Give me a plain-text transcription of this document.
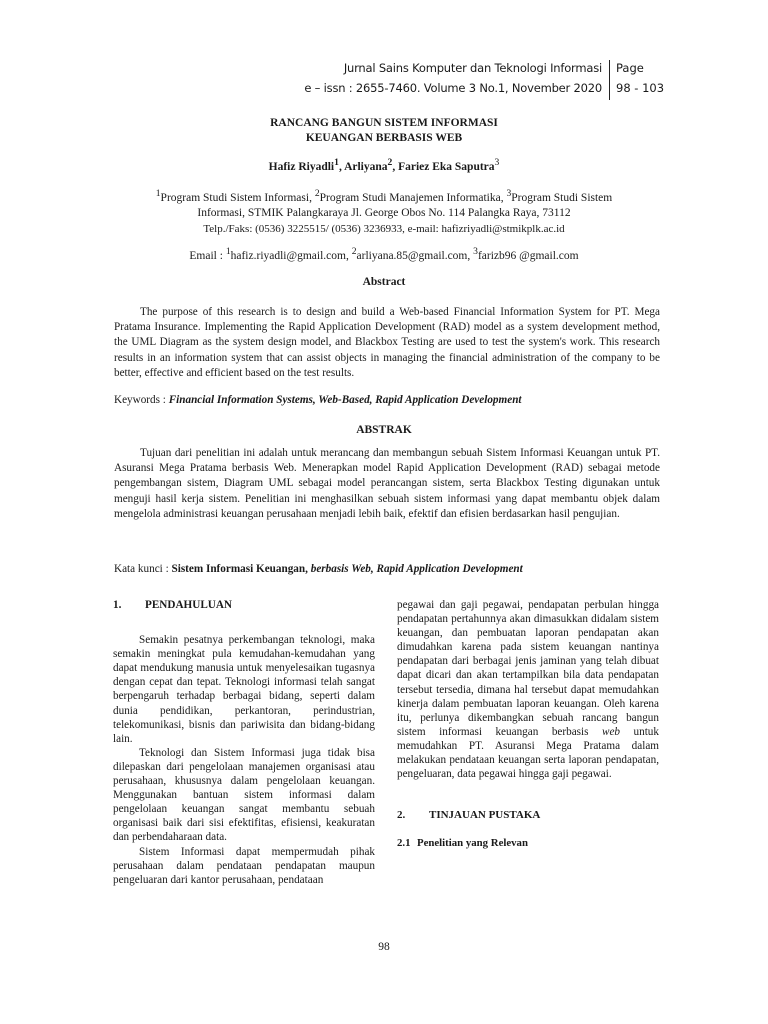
Jurnal Sains Komputer dan Teknologi Informasi
e – issn : 2655-7460. Volume 3 No.1, November 2020
Page
98 - 103
RANCANG BANGUN SISTEM INFORMASI
KEUANGAN BERBASIS WEB
Hafiz Riyadli$^1$, Arliyana$^2$, Fariez Eka Saputra$^3$
$^1$Program Studi Sistem Informasi, $^2$Program Studi Manajemen Informatika, $^3$Program Studi Sistem
Informasi, STMIK Palangkaraya Jl. George Obos No. 114 Palangka Raya, 73112
Telp./Faks: (0536) 3225515/ (0536) 3236933, e-mail: hafizriyadli@stmikplk.ac.id
Email : $^1$hafiz.riyadli@gmail.com, $^2$arliyana.85@gmail.com, $^3$farizb96 @gmail.com
Abstract
The purpose of this research is to design and build a Web-based Financial Information System for PT. Mega Pratama Insurance. Implementing the Rapid Application Development (RAD) model as a system development method, the UML Diagram as the system design model, and Blackbox Testing are used to test the system's work. This research results in an information system that can assist objects in managing the financial administration of the company to be better, effective and efficient based on the test results.
Keywords : Financial Information Systems, Web-Based, Rapid Application Development
ABSTRAK
Tujuan dari penelitian ini adalah untuk merancang dan membangun sebuah Sistem Informasi Keuangan untuk PT. Asuransi Mega Pratama berbasis Web. Menerapkan model Rapid Application Development (RAD) sebagai metode pengembangan sistem, Diagram UML sebagai model perancangan sistem, serta Blackbox Testing digunakan untuk menguji hasil kerja sistem. Penelitian ini menghasilkan sebuah sistem informasi yang dapat membantu objek dalam mengelola administrasi keuangan perusahaan menjadi lebih baik, efektif dan efisien berdasarkan hasil pengujian.
Kata kunci : Sistem Informasi Keuangan, berbasis Web, Rapid Application Development
1. PENDAHULUAN

Semakin pesatnya perkembangan teknologi, maka semakin meningkat pula kemudahan-kemudahan yang dapat mendukung manusia untuk menyelesaikan tugasnya dengan cepat dan tepat. Teknologi informasi telah sangat berpengaruh terhadap berbagai bidang, seperti dalam dunia pendidikan, perkantoran, perindustrian, telekomunikasi, bisnis dan pariwisita dan bidang-bidang lain.

Teknologi dan Sistem Informasi juga tidak bisa dilepaskan dari pengelolaan manajemen organisasi atau perusahaan, khususnya dalam pengelolaan keuangan. Menggunakan bantuan sistem informasi dalam pengelolaan keuangan sangat membantu sebuah organisasi baik dari sisi efektifitas, efisiensi, keakuratan dan perbendaharaan data.

Sistem Informasi dapat mempermudah pihak perusahaan dalam pendataan pendapatan maupun pengeluaran dari kantor perusahaan, pendataan

pegawai dan gaji pegawai, pendapatan perbulan hingga pendapatan pertahunnya akan dimasukkan didalam sistem keuangan, dan pembuatan laporan pendapatan akan dimudahkan karena pada sistem keuangan nantinya pendapatan dari berbagai jenis jaminan yang telah dibuat dapat dicari dan akan tertampilkan bila data pendapatan tersebut tersedia, dimana hal tersebut dapat memudahkan kinerja dalam pembuatan laporan keuangan. Oleh karena itu, perlunya dikembangkan sebuah rancang bangun sistem informasi keuangan berbasis web untuk memudahkan PT. Asuransi Mega Pratama dalam melakukan pendataan keuangan serta laporan pendapatan, pengeluaran, data pegawai hingga gaji pegawai.

2. TINJAUAN PUSTAKA
2.1 Penelitian yang Relevan
98
